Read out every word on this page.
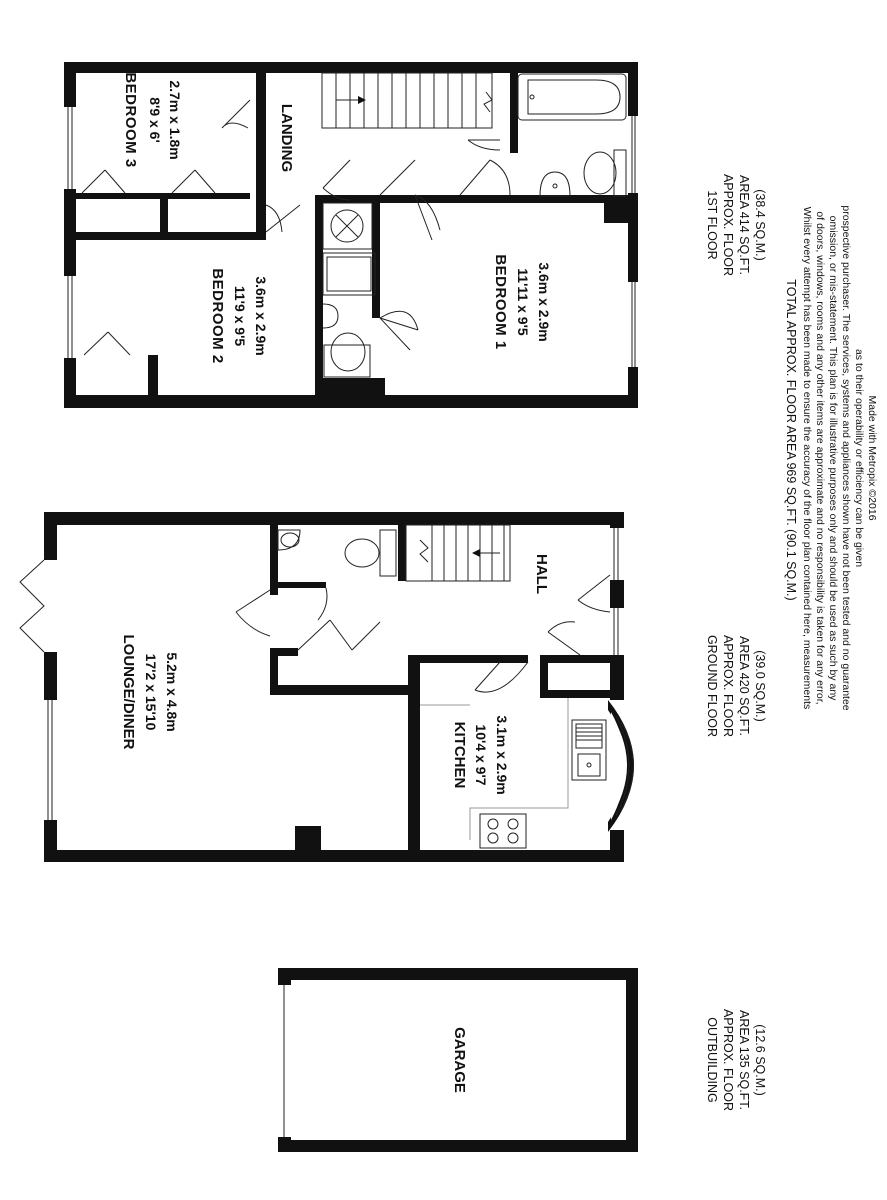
BEDROOM 3 8'9 x 6' 2.7m x 1.8m	LANDING
BEDROOM 2 11'9 x 9'5 3.6m x 2.9m	BEDROOM 1 11'11 x 9'5 3.6m x 2.9m
LOUNGE/DINER 17'2 x 15'10 5.2m x 4.8m
KITCHEN 10'4 x 9'7 3.1m x 2.9m
HALL
GARAGE
1ST FLOOR APPROX. FLOOR AREA 414 SQ.FT. (38.4 SQ.M.)
GROUND FLOOR APPROX. FLOOR AREA 420 SQ.FT. (39.0 SQ.M.)
OUTBUILDING APPROX. FLOOR AREA 135 SQ.FT. (12.6 SQ.M.)
TOTAL APPROX. FLOOR AREA 969 SQ.FT. (90.1 SQ.M.) Whilst every attempt has been made to ensure the accuracy of the floor plan contained here, measurements of doors, windows, rooms and any other items are approximate and no responsibility is taken for any error, omission, or mis-statement. This plan is for illustrative purposes only and should be used as such by any prospective purchaser. The services, systems and appliances shown have not been tested and no guarantee as to their operability or efficiency can be given Made with Metropix ©2016
